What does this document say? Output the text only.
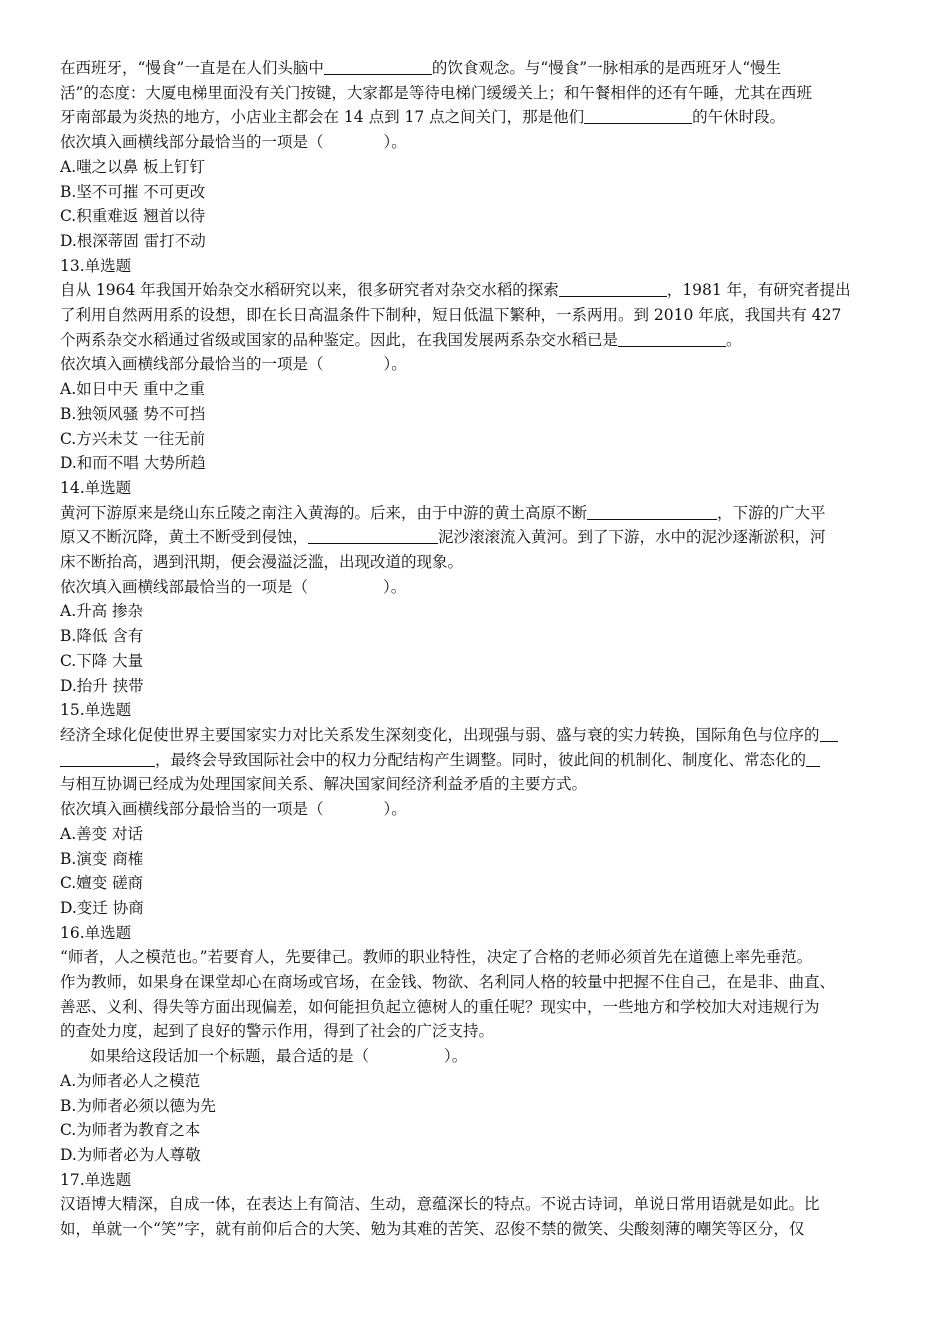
在西班牙，“慢食”一直是在人们头脑中	的饮食观念。与“慢食”一脉相承的是西班牙人“慢生
活”的态度：大厦电梯里面没有关门按键，大家都是等待电梯门缓缓关上；和午餐相伴的还有午睡，尤其在西班
牙南部最为炎热的地方，小店业主都会在 14 点到 17 点之间关门，那是他们	的午休时段。
依次填入画横线部分最恰当的一项是（	）。
A.嗤之以鼻 板上钉钉
B.坚不可摧 不可更改
C.积重难返 翘首以待
D.根深蒂固 雷打不动
13.单选题
自从 1964 年我国开始杂交水稻研究以来，很多研究者对杂交水稻的探索	，1981 年，有研究者提出
了利用自然两用系的设想，即在长日高温条件下制种，短日低温下繁种，一系两用。到 2010 年底，我国共有 427
个两系杂交水稻通过省级或国家的品种鉴定。因此，在我国发展两系杂交水稻已是	。
依次填入画横线部分最恰当的一项是（	）。
A.如日中天 重中之重
B.独领风骚 势不可挡
C.方兴未艾 一往无前
D.和而不唱 大势所趋
14.单选题
黄河下游原来是绕山东丘陵之南注入黄海的。后来，由于中游的黄土高原不断	，下游的广大平
原又不断沉降，黄土不断受到侵蚀，	泥沙滚滚流入黄河。到了下游，水中的泥沙逐渐淤积，河
床不断抬高，遇到汛期，便会漫溢泛滥，出现改道的现象。
依次填入画横线部最恰当的一项是（	）。
A.升高 掺杂
B.降低 含有
C.下降 大量
D.抬升 挟带
15.单选题
经济全球化促使世界主要国家实力对比关系发生深刻变化，出现强与弱、盛与衰的实力转换，国际角色与位序的
，最终会导致国际社会中的权力分配结构产生调整。同时，彼此间的机制化、制度化、常态化的
与相互协调已经成为处理国家间关系、解决国家间经济利益矛盾的主要方式。
依次填入画横线部分最恰当的一项是（	）。
A.善变 对话
B.演变 商榷
C.嬗变 磋商
D.变迁 协商
16.单选题
“师者，人之模范也。”若要育人，先要律己。教师的职业特性，决定了合格的老师必须首先在道德上率先垂范。
作为教师，如果身在课堂却心在商场或官场，在金钱、物欲、名利同人格的较量中把握不住自己，在是非、曲直、
善恶、义利、得失等方面出现偏差，如何能担负起立德树人的重任呢？现实中，一些地方和学校加大对违规行为
的查处力度，起到了良好的警示作用，得到了社会的广泛支持。
如果给这段话加一个标题，最合适的是（	）。
A.为师者必人之模范
B.为师者必须以德为先
C.为师者为教育之本
D.为师者必为人尊敬
17.单选题
汉语博大精深，自成一体，在表达上有简洁、生动，意蕴深长的特点。不说古诗词，单说日常用语就是如此。比
如，单就一个“笑”字，就有前仰后合的大笑、勉为其难的苦笑、忍俊不禁的微笑、尖酸刻薄的嘲笑等区分，仅
